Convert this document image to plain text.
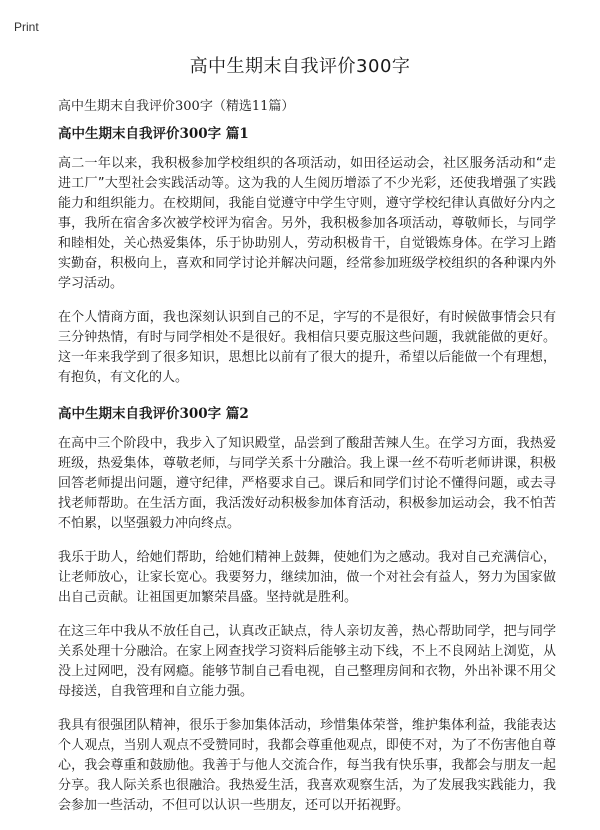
Print
高中生期末自我评价300字
高中生期末自我评价300字（精选11篇）
高中生期末自我评价300字 篇1

高二一年以来，我积极参加学校组织的各项活动，如田径运动会，社区服务活动和“走进工厂”大型社会实践活动等。这为我的人生阅历增添了不少光彩，还使我增强了实践能力和组织能力。在校期间，我能自觉遵守中学生守则，遵守学校纪律认真做好分内之事，我所在宿舍多次被学校评为宿舍。另外，我积极参加各项活动，尊敬师长，与同学和睦相处，关心热爱集体，乐于协助别人，劳动积极肯干，自觉锻炼身体。在学习上踏实勤奋，积极向上，喜欢和同学讨论并解决问题，经常参加班级学校组织的各种课内外学习活动。

在个人情商方面，我也深刻认识到自己的不足，字写的不是很好，有时候做事情会只有三分钟热情，有时与同学相处不是很好。我相信只要克服这些问题，我就能做的更好。这一年来我学到了很多知识，思想比以前有了很大的提升，希望以后能做一个有理想，有抱负，有文化的人。

高中生期末自我评价300字 篇2

在高中三个阶段中，我步入了知识殿堂，品尝到了酸甜苦辣人生。在学习方面，我热爱班级，热爱集体，尊敬老师，与同学关系十分融洽。我上课一丝不苟听老师讲课，积极回答老师提出问题，遵守纪律，严格要求自己。课后和同学们讨论不懂得问题，或去寻找老师帮助。在生活方面，我活泼好动积极参加体育活动，积极参加运动会，我不怕苦不怕累，以坚强毅力冲向终点。

我乐于助人，给她们帮助，给她们精神上鼓舞，使她们为之感动。我对自己充满信心，让老师放心，让家长宽心。我要努力，继续加油，做一个对社会有益人，努力为国家做出自己贡献。让祖国更加繁荣昌盛。坚持就是胜利。

在这三年中我从不放任自己，认真改正缺点，待人亲切友善，热心帮助同学，把与同学关系处理十分融洽。在家上网查找学习资料后能够主动下线，不上不良网站上浏览，从没上过网吧，没有网瘾。能够节制自己看电视，自己整理房间和衣物，外出补课不用父母接送，自我管理和自立能力强。

我具有很强团队精神，很乐于参加集体活动，珍惜集体荣誉，维护集体利益，我能表达个人观点，当别人观点不受赞同时，我都会尊重他观点，即使不对，为了不伤害他自尊心，我会尊重和鼓励他。我善于与他人交流合作，每当我有快乐事，我都会与朋友一起分享。我人际关系也很融洽。我热爱生活，我喜欢观察生活，为了发展我实践能力，我会参加一些活动，不但可以认识一些朋友，还可以开拓视野。
